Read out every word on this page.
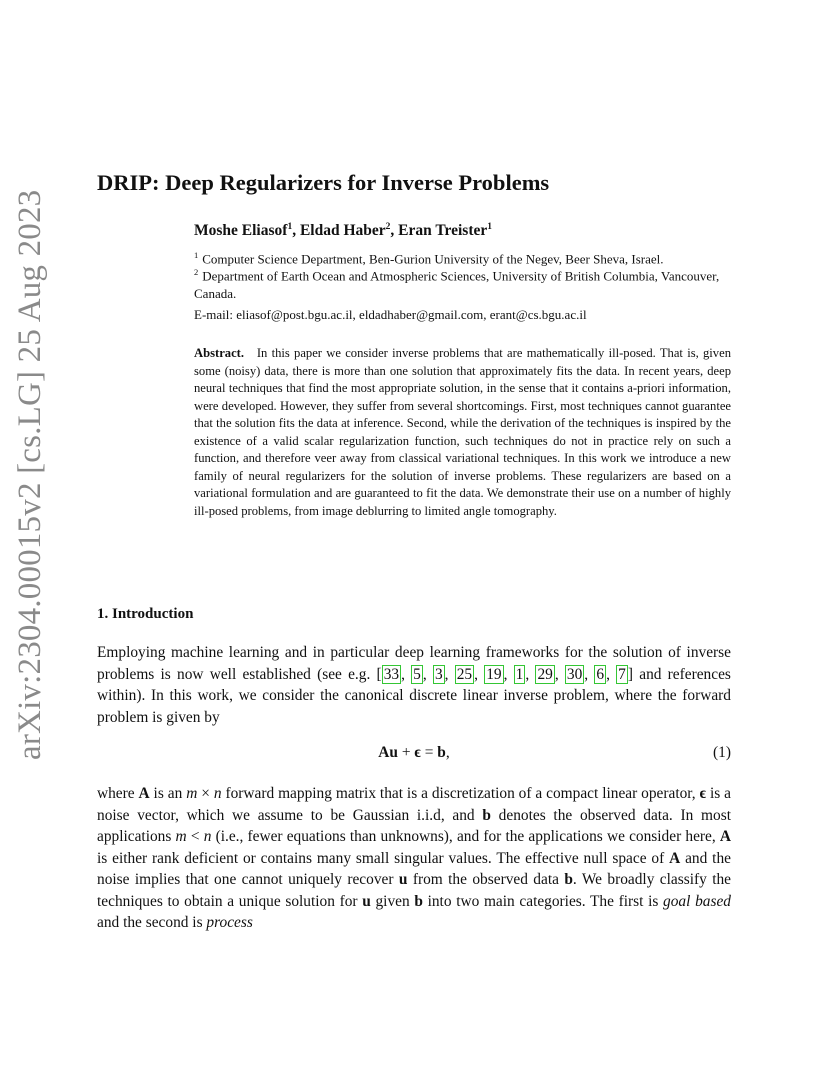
arXiv:2304.00015v2 [cs.LG] 25 Aug 2023
DRIP: Deep Regularizers for Inverse Problems
Moshe Eliasof$^1$, Eldad Haber$^2$, Eran Treister$^1$
$^1$ Computer Science Department, Ben-Gurion University of the Negev, Beer Sheva, Israel.
$^2$ Department of Earth Ocean and Atmospheric Sciences, University of British Columbia, Vancouver, Canada.
E-mail: eliasof@post.bgu.ac.il, eldadhaber@gmail.com, erant@cs.bgu.ac.il

Abstract. In this paper we consider inverse problems that are mathematically ill-posed. That is, given some (noisy) data, there is more than one solution that approximately fits the data. In recent years, deep neural techniques that find the most appropriate solution, in the sense that it contains a-priori information, were developed. However, they suffer from several shortcomings. First, most techniques cannot guarantee that the solution fits the data at inference. Second, while the derivation of the techniques is inspired by the existence of a valid scalar regularization function, such techniques do not in practice rely on such a function, and therefore veer away from classical variational techniques. In this work we introduce a new family of neural regularizers for the solution of inverse problems. These regularizers are based on a variational formulation and are guaranteed to fit the data. We demonstrate their use on a number of highly ill-posed problems, from image deblurring to limited angle tomography.

1. Introduction

Employing machine learning and in particular deep learning frameworks for the solution of inverse problems is now well established (see e.g. [ 33 , 5 , 3 , 25 , 19 , 1 , 29 , 30 , 6 , 7 ] and references within). In this work, we consider the canonical discrete linear inverse problem, where the forward problem is given by

Au + ϵ = b,	(1)

where A is an m × n forward mapping matrix that is a discretization of a compact linear operator, ϵ is a noise vector, which we assume to be Gaussian i.i.d, and b denotes the observed data. In most applications m < n (i.e., fewer equations than unknowns), and for the applications we consider here, A is either rank deficient or contains many small singular values. The effective null space of A and the noise implies that one cannot uniquely recover u from the observed data b. We broadly classify the techniques to obtain a unique solution for u given b into two main categories. The first is goal based and the second is process
